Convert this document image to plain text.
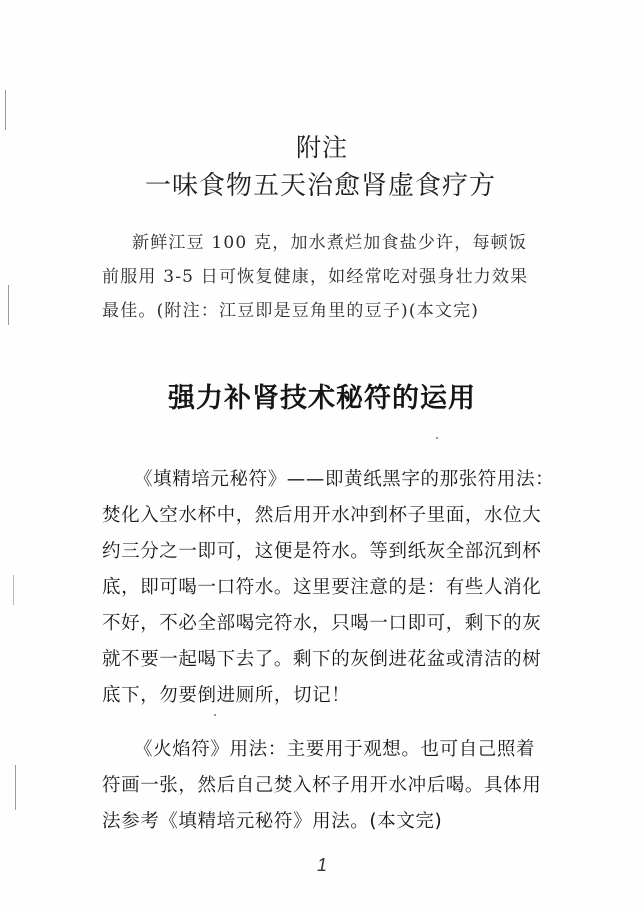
附注
一味食物五天治愈肾虚食疗方
新鲜江豆 100 克，加水煮烂加食盐少许，每顿饭
前服用 3-5 日可恢复健康，如经常吃对强身壮力效果
最佳。(附注：江豆即是豆角里的豆子)(本文完)
强力补肾技术秘符的运用
《填精培元秘符》——即黄纸黑字的那张符用法：
焚化入空水杯中，然后用开水冲到杯子里面，水位大
约三分之一即可，这便是符水。等到纸灰全部沉到杯
底，即可喝一口符水。这里要注意的是：有些人消化
不好，不必全部喝完符水，只喝一口即可，剩下的灰
就不要一起喝下去了。剩下的灰倒进花盆或清洁的树
底下，勿要倒进厕所，切记！
《火焰符》用法：主要用于观想。也可自己照着
符画一张，然后自己焚入杯子用开水冲后喝。具体用
法参考《填精培元秘符》用法。(本文完)
1
